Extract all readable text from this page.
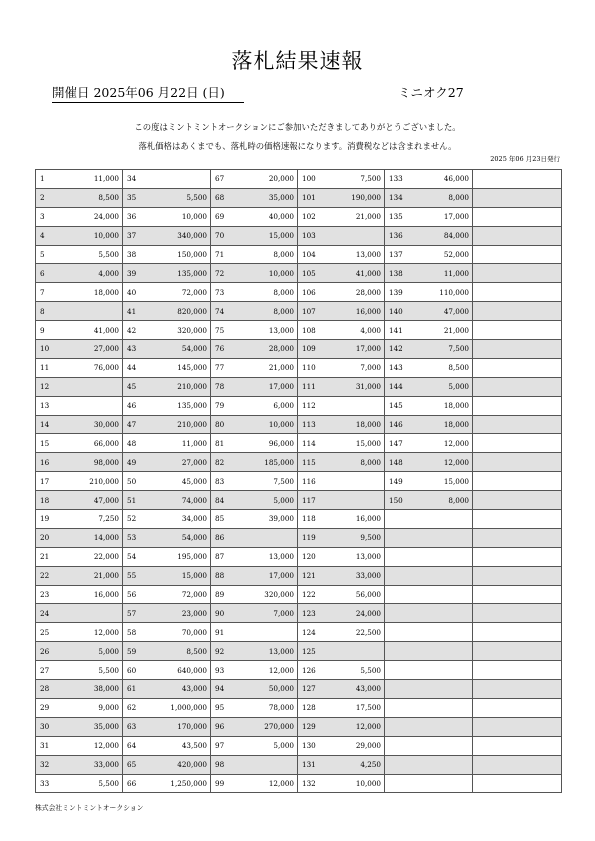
落札結果速報
開催日 2025年06 月22日 (日)	ミニオク27
この度はミントミントオークションにご参加いただきましてありがとうございました。
落札価格はあくまでも、落札時の価格速報になります。消費税などは含まれません。
2025 年06 月23日発行
1	11,000	34		67	20,000	100	7,500	133	46,000	
2	8,500	35	5,500	68	35,000	101	190,000	134	8,000	
3	24,000	36	10,000	69	40,000	102	21,000	135	17,000	
4	10,000	37	340,000	70	15,000	103		136	84,000	
5	5,500	38	150,000	71	8,000	104	13,000	137	52,000	
6	4,000	39	135,000	72	10,000	105	41,000	138	11,000	
7	18,000	40	72,000	73	8,000	106	28,000	139	110,000	
8		41	820,000	74	8,000	107	16,000	140	47,000	
9	41,000	42	320,000	75	13,000	108	4,000	141	21,000	
10	27,000	43	54,000	76	28,000	109	17,000	142	7,500	
11	76,000	44	145,000	77	21,000	110	7,000	143	8,500	
12		45	210,000	78	17,000	111	31,000	144	5,000	
13		46	135,000	79	6,000	112		145	18,000	
14	30,000	47	210,000	80	10,000	113	18,000	146	18,000	
15	66,000	48	11,000	81	96,000	114	15,000	147	12,000	
16	98,000	49	27,000	82	185,000	115	8,000	148	12,000	
17	210,000	50	45,000	83	7,500	116		149	15,000	
18	47,000	51	74,000	84	5,000	117		150	8,000	
19	7,250	52	34,000	85	39,000	118	16,000			
20	14,000	53	54,000	86		119	9,500			
21	22,000	54	195,000	87	13,000	120	13,000			
22	21,000	55	15,000	88	17,000	121	33,000			
23	16,000	56	72,000	89	320,000	122	56,000			
24		57	23,000	90	7,000	123	24,000			
25	12,000	58	70,000	91		124	22,500			
26	5,000	59	8,500	92	13,000	125				
27	5,500	60	640,000	93	12,000	126	5,500			
28	38,000	61	43,000	94	50,000	127	43,000			
29	9,000	62	1,000,000	95	78,000	128	17,500			
30	35,000	63	170,000	96	270,000	129	12,000			
31	12,000	64	43,500	97	5,000	130	29,000			
32	33,000	65	420,000	98		131	4,250			
33	5,500	66	1,250,000	99	12,000	132	10,000			
株式会社ミントミントオークション
